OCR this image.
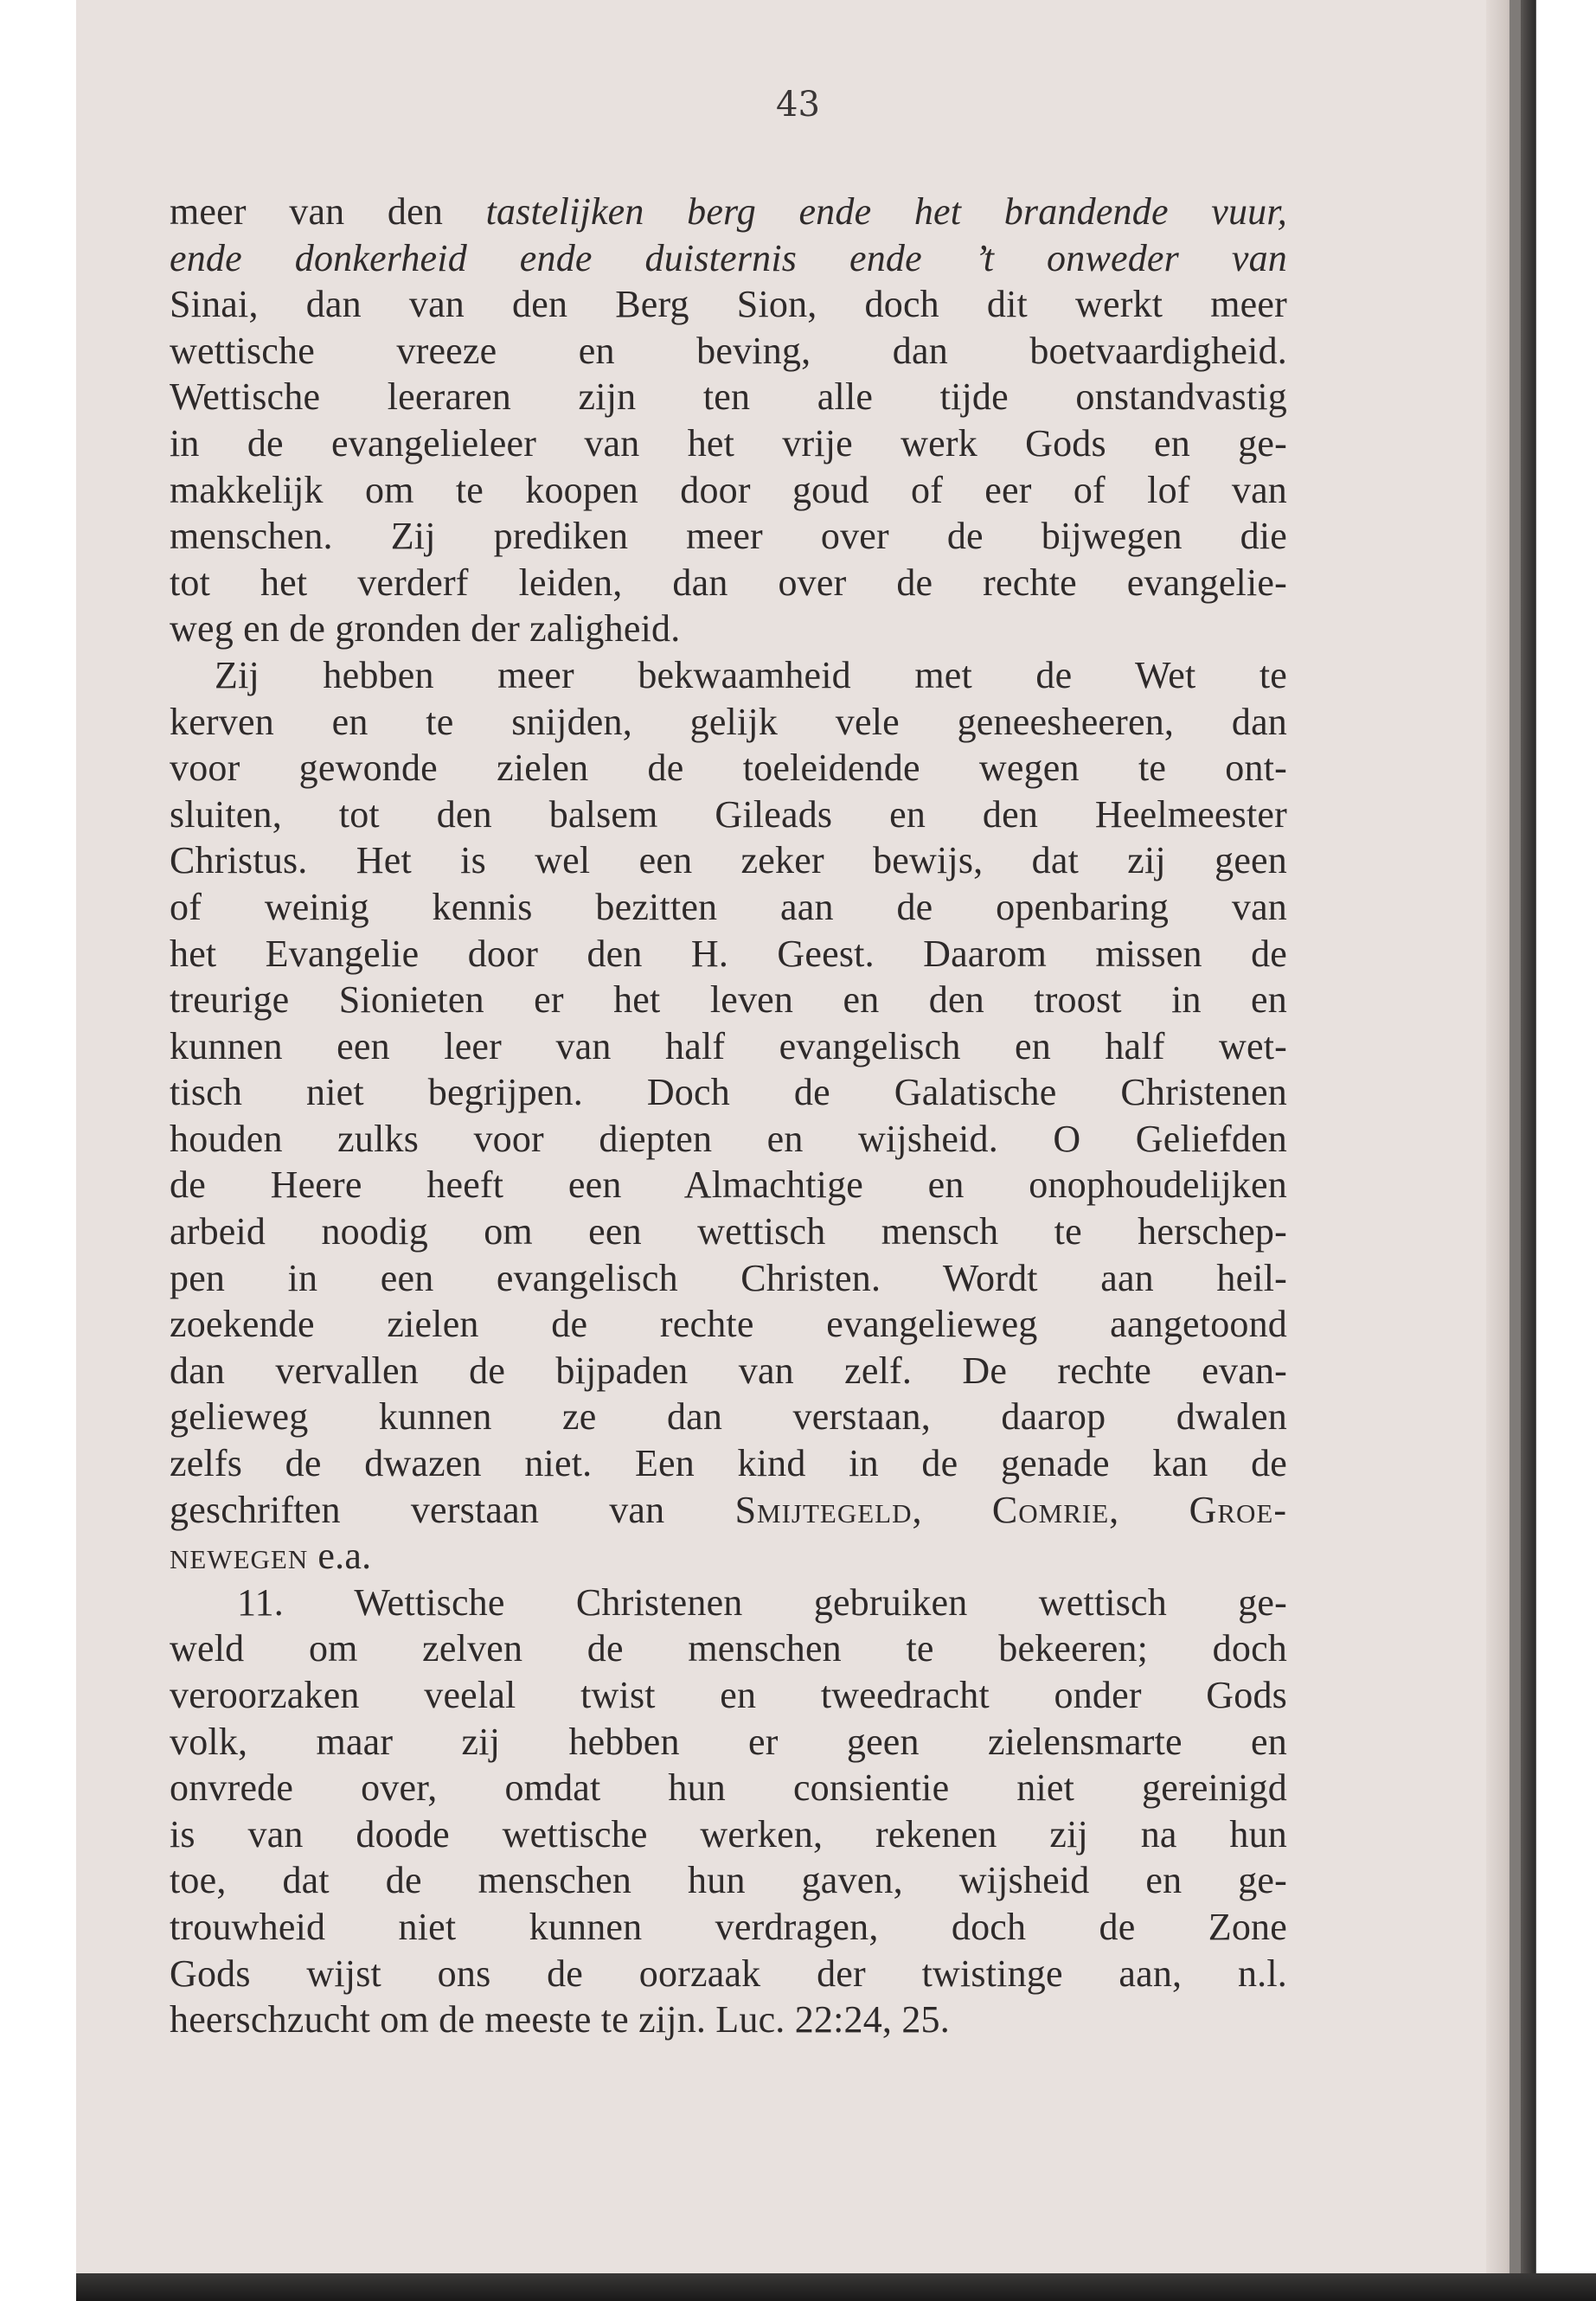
43
meer van den tastelijken berg ende het brandende vuur,
ende donkerheid ende duisternis ende ’t onweder van
Sinai, dan van den Berg Sion, doch dit werkt meer
wettische vreeze en beving, dan boetvaardigheid.
Wettische leeraren zijn ten alle tijde onstandvastig
in de evangelieleer van het vrije werk Gods en ge-
makkelijk om te koopen door goud of eer of lof van
menschen. Zij prediken meer over de bijwegen die
tot het verderf leiden, dan over de rechte evangelie-
weg en de gronden der zaligheid.
Zij hebben meer bekwaamheid met de Wet te
kerven en te snijden, gelijk vele geneesheeren, dan
voor gewonde zielen de toeleidende wegen te ont-
sluiten, tot den balsem Gileads en den Heelmeester
Christus. Het is wel een zeker bewijs, dat zij geen
of weinig kennis bezitten aan de openbaring van
het Evangelie door den H. Geest. Daarom missen de
treurige Sionieten er het leven en den troost in en
kunnen een leer van half evangelisch en half wet-
tisch niet begrijpen. Doch de Galatische Christenen
houden zulks voor diepten en wijsheid. O Geliefden
de Heere heeft een Almachtige en onophoudelijken
arbeid noodig om een wettisch mensch te herschep-
pen in een evangelisch Christen. Wordt aan heil-
zoekende zielen de rechte evangelieweg aangetoond
dan vervallen de bijpaden van zelf. De rechte evan-
gelieweg kunnen ze dan verstaan, daarop dwalen
zelfs de dwazen niet. Een kind in de genade kan de
geschriften verstaan van Smijtegeld, Comrie, Groe-
newegen e.a.
11. Wettische Christenen gebruiken wettisch ge-
weld om zelven de menschen te bekeeren; doch
veroorzaken veelal twist en tweedracht onder Gods
volk, maar zij hebben er geen zielensmarte en
onvrede over, omdat hun consientie niet gereinigd
is van doode wettische werken, rekenen zij na hun
toe, dat de menschen hun gaven, wijsheid en ge-
trouwheid niet kunnen verdragen, doch de Zone
Gods wijst ons de oorzaak der twistinge aan, n.l.
heerschzucht om de meeste te zijn. Luc. 22:24, 25.
